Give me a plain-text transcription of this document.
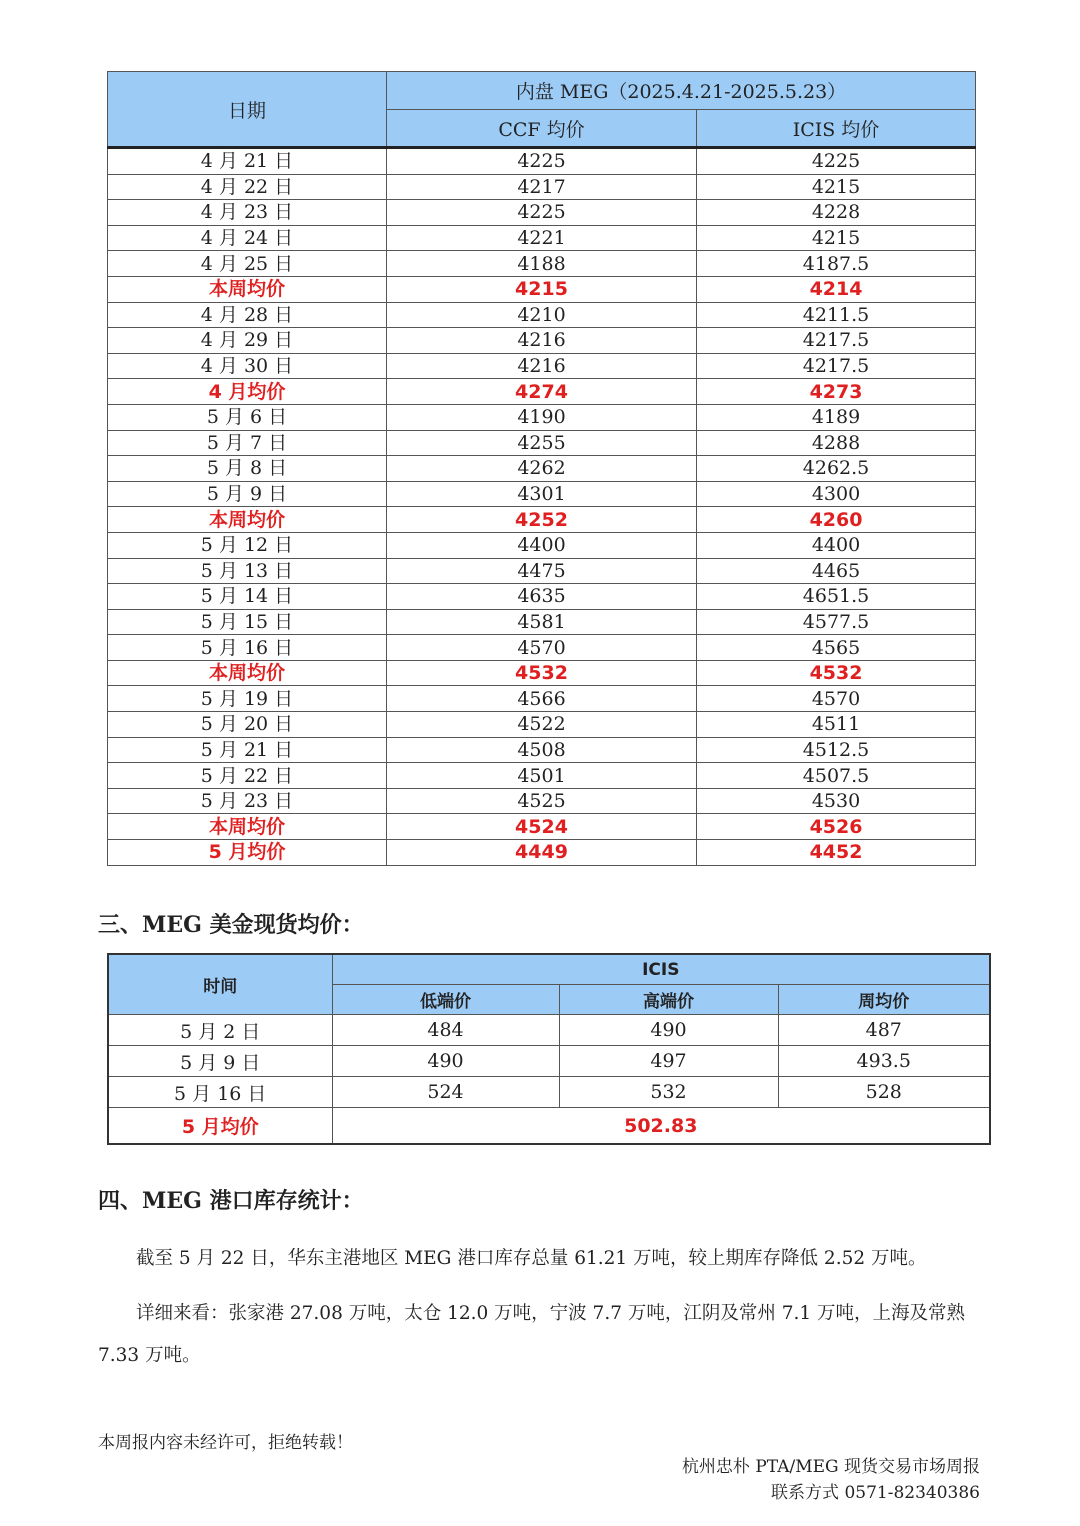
日期	内盘 MEG（2025.4.21-2025.5.23）	
	CCF 均价	ICIS 均价
4 月 21 日	4225	4225
4 月 22 日	4217	4215
4 月 23 日	4225	4228
4 月 24 日	4221	4215
4 月 25 日	4188	4187.5
本周均价	4215	4214
4 月 28 日	4210	4211.5
4 月 29 日	4216	4217.5
4 月 30 日	4216	4217.5
4 月均价	4274	4273
5 月 6 日	4190	4189
5 月 7 日	4255	4288
5 月 8 日	4262	4262.5
5 月 9 日	4301	4300
本周均价	4252	4260
5 月 12 日	4400	4400
5 月 13 日	4475	4465
5 月 14 日	4635	4651.5
5 月 15 日	4581	4577.5
5 月 16 日	4570	4565
本周均价	4532	4532
5 月 19 日	4566	4570
5 月 20 日	4522	4511
5 月 21 日	4508	4512.5
5 月 22 日	4501	4507.5
5 月 23 日	4525	4530
本周均价	4524	4526
5 月均价	4449	4452
三、MEG 美金现货均价：
时间	ICIS		
	低端价	高端价	周均价
5 月 2 日	484	490	487
5 月 9 日	490	497	493.5
5 月 16 日	524	532	528
5 月均价	502.83		
四、MEG 港口库存统计：
截至 5 月 22 日，华东主港地区 MEG 港口库存总量 61.21 万吨，较上期库存降低 2.52 万吨。
详细来看：张家港 27.08 万吨，太仓 12.0 万吨，宁波 7.7 万吨，江阴及常州 7.1 万吨，上海及常熟 7.33 万吨。
本周报内容未经许可，拒绝转载！
杭州忠朴 PTA/MEG 现货交易市场周报
联系方式 0571-82340386
